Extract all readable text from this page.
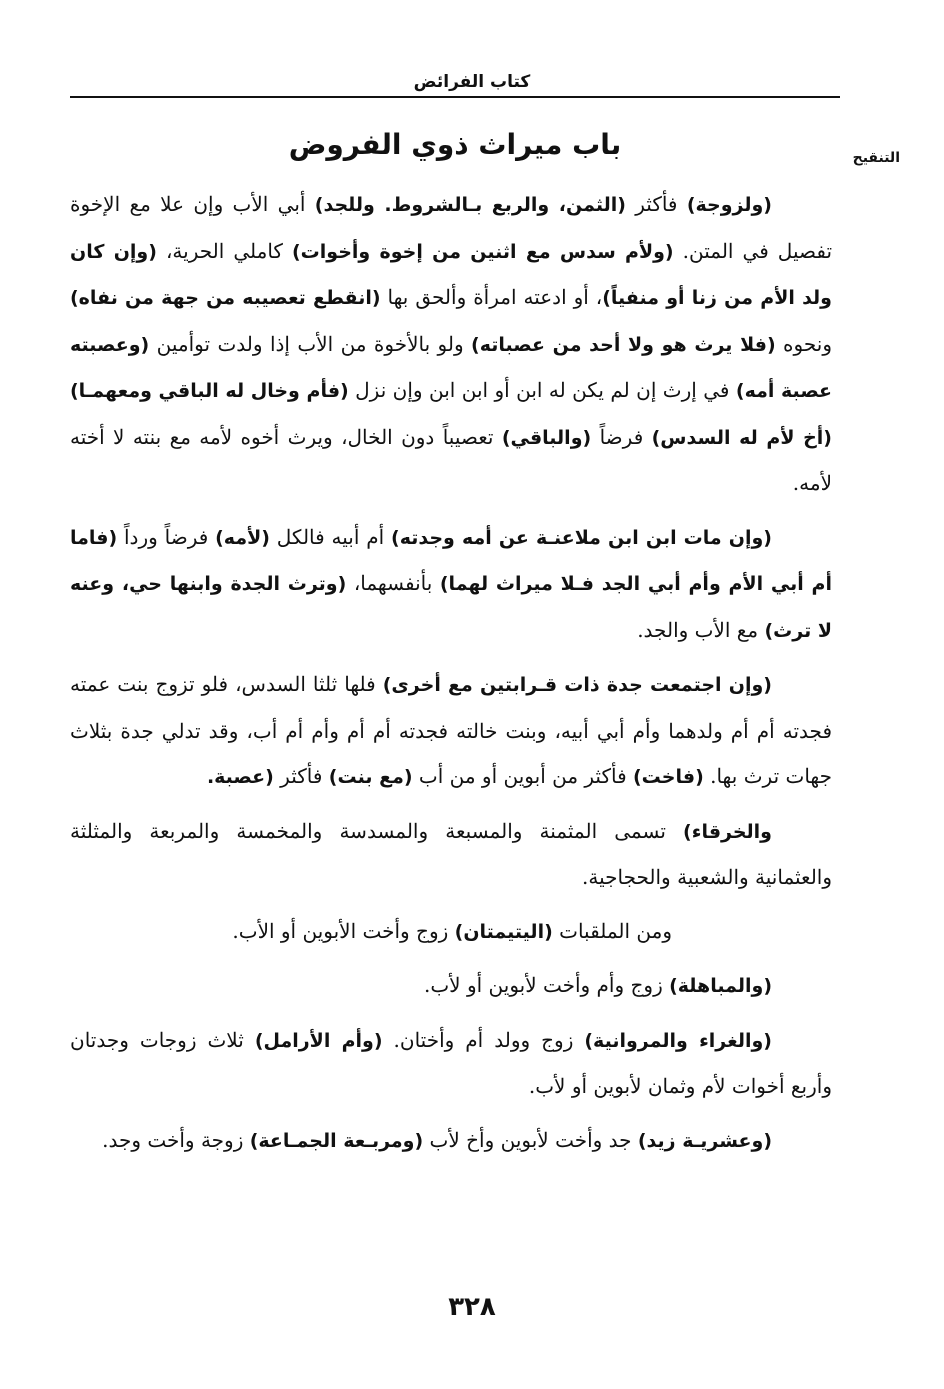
كتاب الفرائض
باب ميراث ذوي الفروض	التنقيح

(ولزوجة) فأكثر (الثمن، والربع بـالشروط. وللجد) أبي الأب وإن علا مع الإخوة تفصيل في المتن. (ولأم سدس مع اثنين من إخوة وأخوات) كاملي الحرية، (وإن كان ولد الأم من زنا أو منفياً)، أو ادعته امرأة وألحق بها (انقطع تعصيبه من جهة من نفاه) ونحوه (فلا يرث هو ولا أحد من عصباته) ولو بالأخوة من الأب إذا ولدت توأمين (وعصبته عصبة أمه) في إرث إن لم يكن له ابن أو ابن ابن وإن نزل (فأم وخال له الباقي ومعهمـا) (أخ لأم له السدس) فرضاً (والباقي) تعصيباً دون الخال، ويرث أخوه لأمه مع بنته لا أخته لأمه.

(وإن مات ابن ابن ملاعنـة عن أمه وجدته) أم أبيه فالكل (لأمه) فرضاً ورداً (فاما أم أبي الأم وأم أبي الجد فـلا ميراث لهما) بأنفسهما، (وترث الجدة وابنها حي، وعنه لا ترث) مع الأب والجد.

(وإن اجتمعت جدة ذات قـرابتين مع أخرى) فلها ثلثا السدس، فلو تزوج بنت عمته فجدته أم أم ولدهما وأم أبي أبيه، وبنت خالته فجدته أم أم وأم أم أب، وقد تدلي جدة بثلاث جهات ترث بها. (فاخت) فأكثر من أبوين أو من أب (مع بنت) فأكثر (عصبة.

والخرقاء) تسمى المثمنة والمسبعة والمسدسة والمخمسة والمربعة والمثلثة والعثمانية والشعبية والحجاجية.

ومن الملقبات (اليتيمتان) زوج وأخت الأبوين أو الأب.

(والمباهلة) زوج وأم وأخت لأبوين أو لأب.

(والغراء والمروانية) زوج وولد أم وأختان. (وأم الأرامل) ثلاث زوجات وجدتان وأربع أخوات لأم وثمان لأبوين أو لأب.

(وعشريـة زيد) جد وأخت لأبوين وأخ لأب (ومربـعة الجمـاعة) زوجة وأخت وجد.

٣٢٨
